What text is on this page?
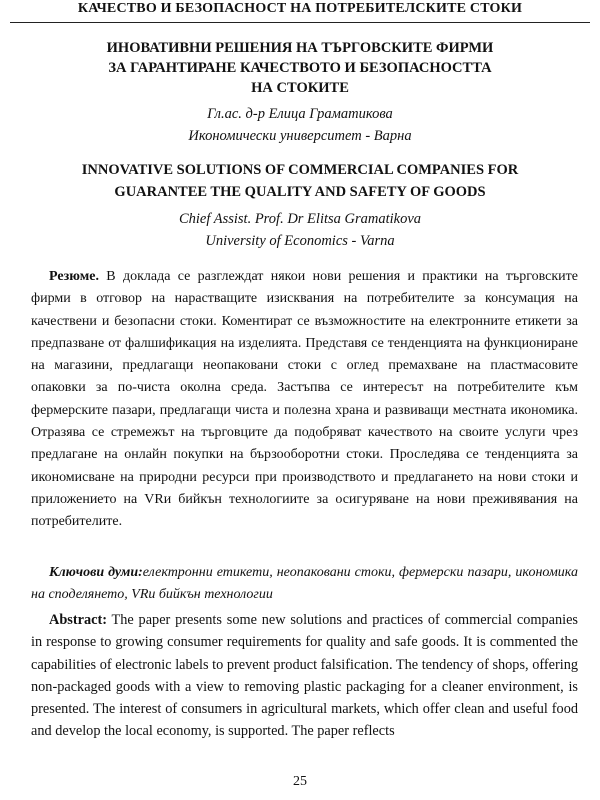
КАЧЕСТВО И БЕЗОПАСНОСТ НА ПОТРЕБИТЕЛСКИТЕ СТОКИ
ИНОВАТИВНИ РЕШЕНИЯ НА ТЪРГОВСКИТЕ ФИРМИ
ЗА ГАРАНТИРАНЕ КАЧЕСТВОТО И БЕЗОПАСНОСТТА
НА СТОКИТЕ
Гл.ас. д-р Елица Граматикова
Икономически университет - Варна
INNOVATIVE SOLUTIONS OF COMMERCIAL COMPANIES FOR
GUARANTEE THE QUALITY AND SAFETY OF GOODS
Chief Assist. Prof. Dr Elitsa Gramatikova
University of Economics - Varna
Резюме. В доклада се разглеждат някои нови решения и практики на търговските фирми в отговор на нарастващите изисквания на потребителите за консумация на качествени и безопасни стоки. Коментират се възможностите на електронните етикети за предпазване от фалшификация на изделията. Представя се тенденцията на функциониране на магазини, предлагащи неопаковани стоки с оглед премахване на пластмасовите опаковки за по-чиста околна среда. Застъпва се интересът на потребителите към фермерските пазари, предлагащи чиста и полезна храна и развиващи местната икономика. Отразява се стремежът на търговците да подобряват качеството на своите услуги чрез предлагане на онлайн покупки на бързооборотни стоки. Проследява се тенденцията за икономисване на природни ресурси при производството и предлагането на нови стоки и приложението на VRи бийкън технологиите за осигуряване на нови преживявания на потребителите.
Ключови думи:електронни етикети, неопаковани стоки, фермерски пазари, икономика на споделянето, VRи бийкън технологии
Abstract: The paper presents some new solutions and practices of commercial companies in response to growing consumer requirements for quality and safe goods. It is commented the capabilities of electronic labels to prevent product falsification. The tendency of shops, offering non-packaged goods with a view to removing plastic packaging for a cleaner environment, is presented. The interest of consumers in agricultural markets, which offer clean and useful food and develop the local economy, is supported. The paper reflects
25
